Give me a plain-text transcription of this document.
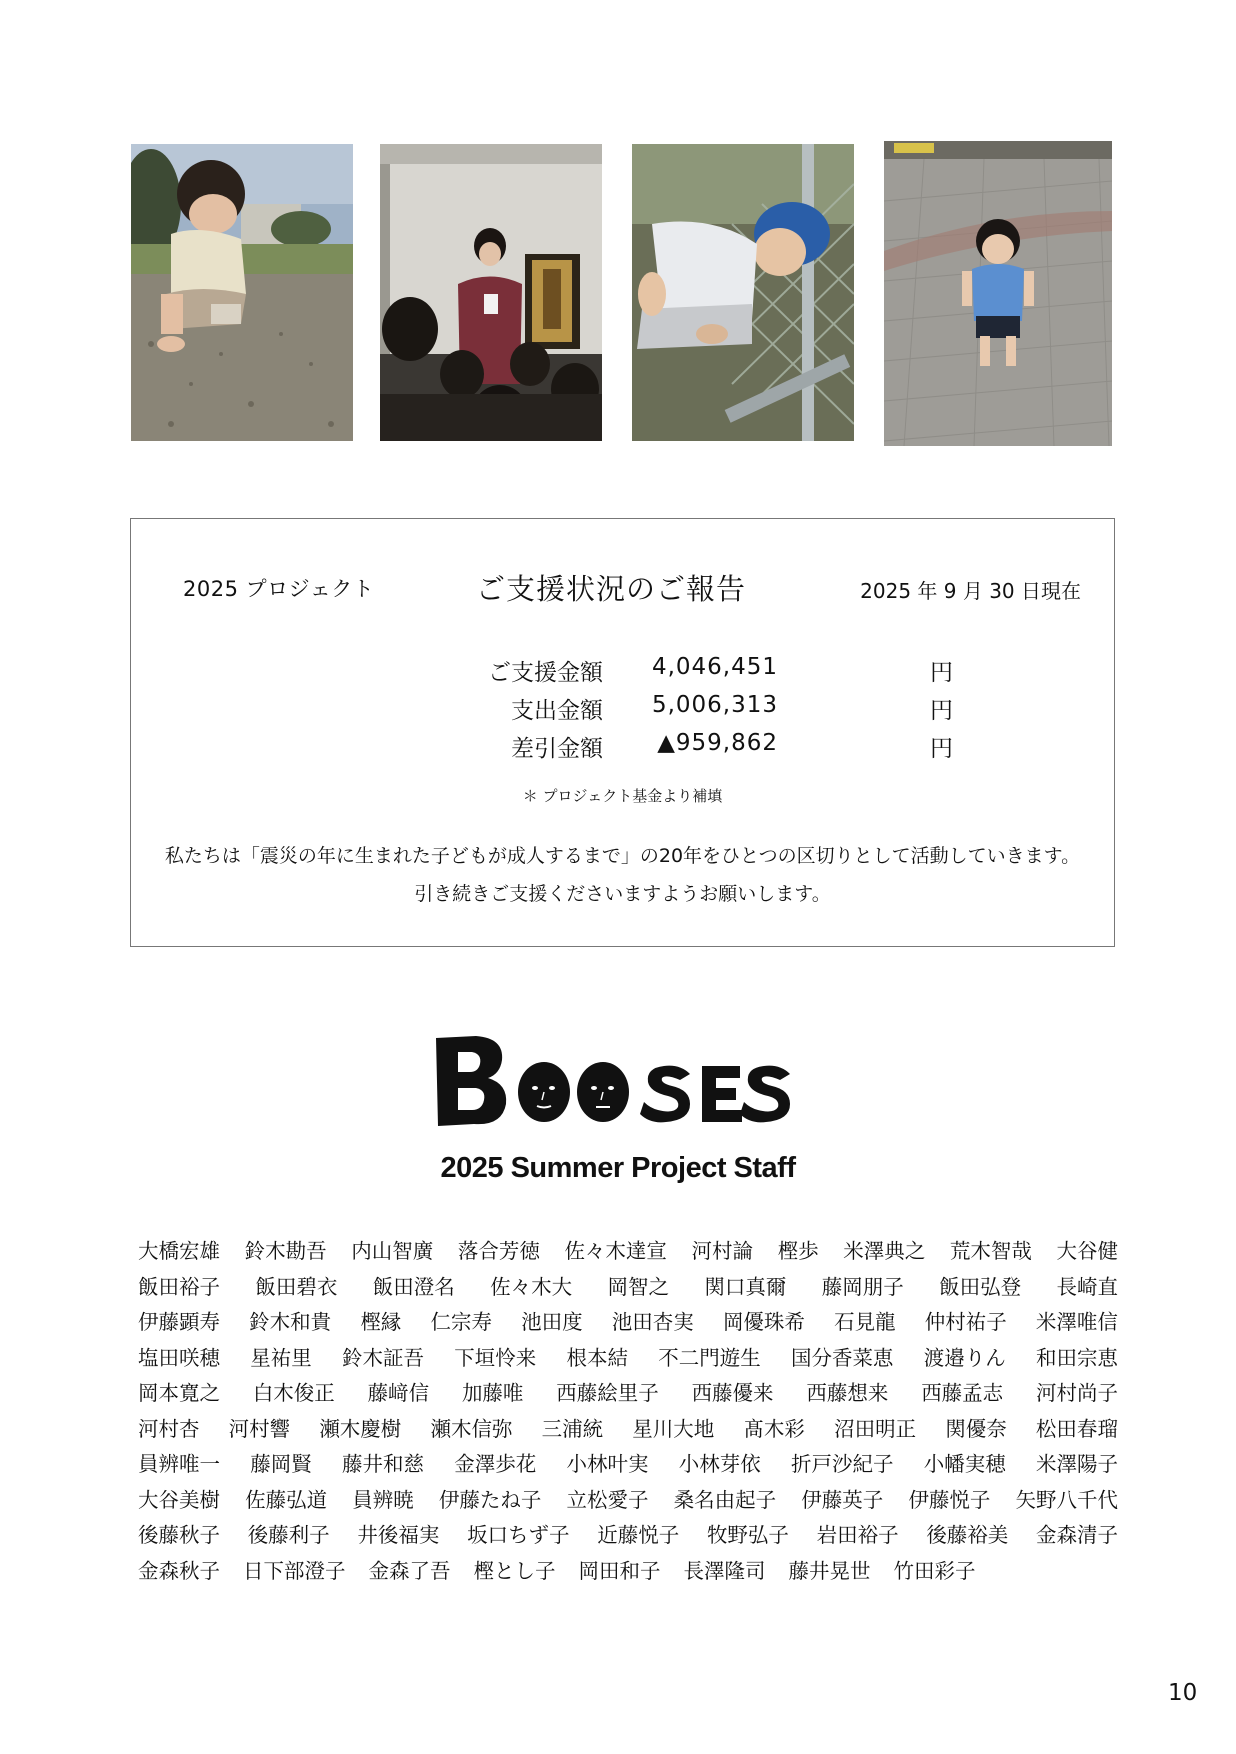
2025 プロジェクト	ご支援状況のご報告	2025 年 9 月 30 日現在
ご支援金額 4,046,451	円
支出金額 5,006,313	円
差引金額 ▲959,862	円
＊ プロジェクト基金より補填
私たちは「震災の年に生まれた子どもが成人するまで」の20年をひとつの区切りとして活動していきます。
引き続きご支援くださいますようお願いします。
2025 Summer Project Staff
大橋宏雄 鈴木勘吾 内山智廣 落合芳徳 佐々木達宣 河村論 樫歩 米澤典之 荒木智哉 大谷健
飯田裕子 飯田碧衣 飯田澄名 佐々木大 岡智之 関口真爾 藤岡朋子 飯田弘登 長崎直
伊藤顕寿 鈴木和貴 樫縁 仁宗寿 池田度 池田杏実 岡優珠希 石見龍 仲村祐子 米澤唯信
塩田咲穂 星祐里 鈴木証吾 下垣怜来 根本結 不二門遊生 国分香菜恵 渡邉りん 和田宗恵
岡本寛之 白木俊正 藤﨑信 加藤唯 西藤絵里子 西藤優来 西藤想来 西藤孟志 河村尚子
河村杏 河村響 瀬木慶樹 瀬木信弥 三浦統 星川大地 髙木彩 沼田明正 関優奈 松田春瑠
員辨唯一 藤岡賢 藤井和慈 金澤歩花 小林叶実 小林芽依 折戸沙紀子 小幡実穂 米澤陽子
大谷美樹 佐藤弘道 員辨暁 伊藤たね子 立松愛子 桑名由起子 伊藤英子 伊藤悦子 矢野八千代
後藤秋子 後藤利子 井後福実 坂口ちず子 近藤悦子 牧野弘子 岩田裕子 後藤裕美 金森清子
金森秋子 日下部澄子 金森了吾 樫とし子 岡田和子 長澤隆司 藤井晃世 竹田彩子
10
